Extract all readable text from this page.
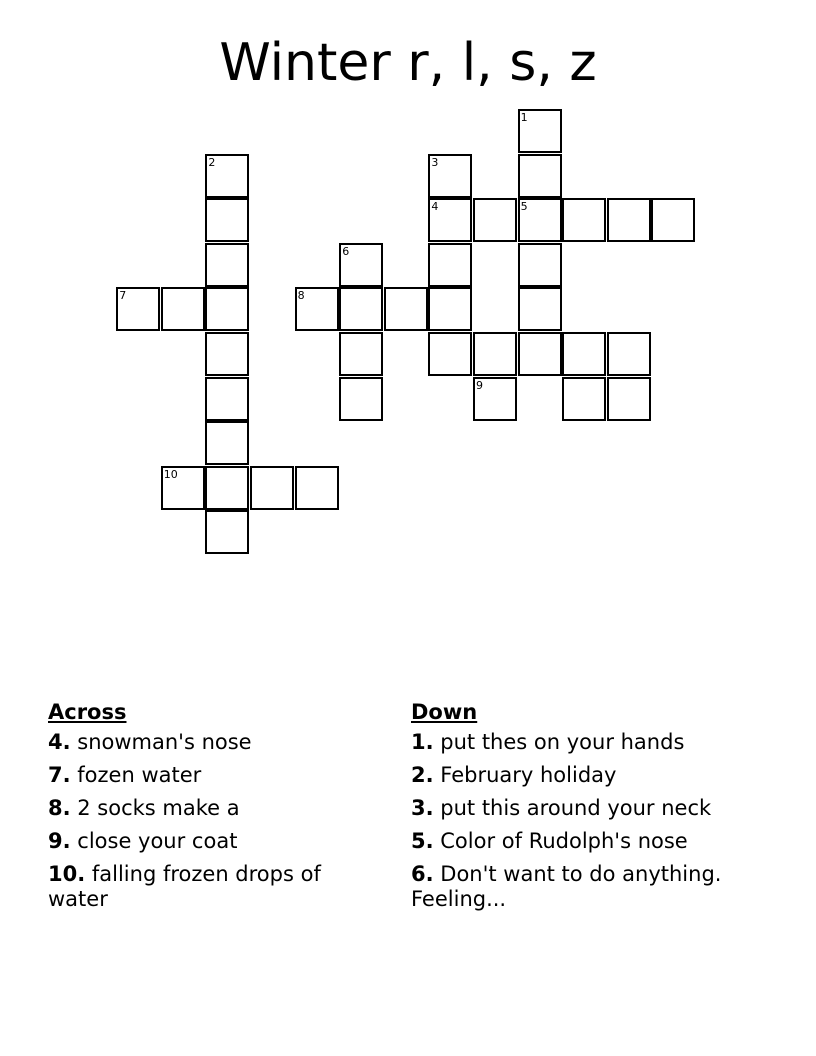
Winter r, l, s, z
1
5
2	3
4
6
7	8
9
10
Across
4. snowman's nose
7. fozen water
8. 2 socks make a
9. close your coat
10. falling frozen drops of water
Down
1. put thes on your hands
2. February holiday
3. put this around your neck
5. Color of Rudolph's nose
6. Don't want to do anything. Feeling...
